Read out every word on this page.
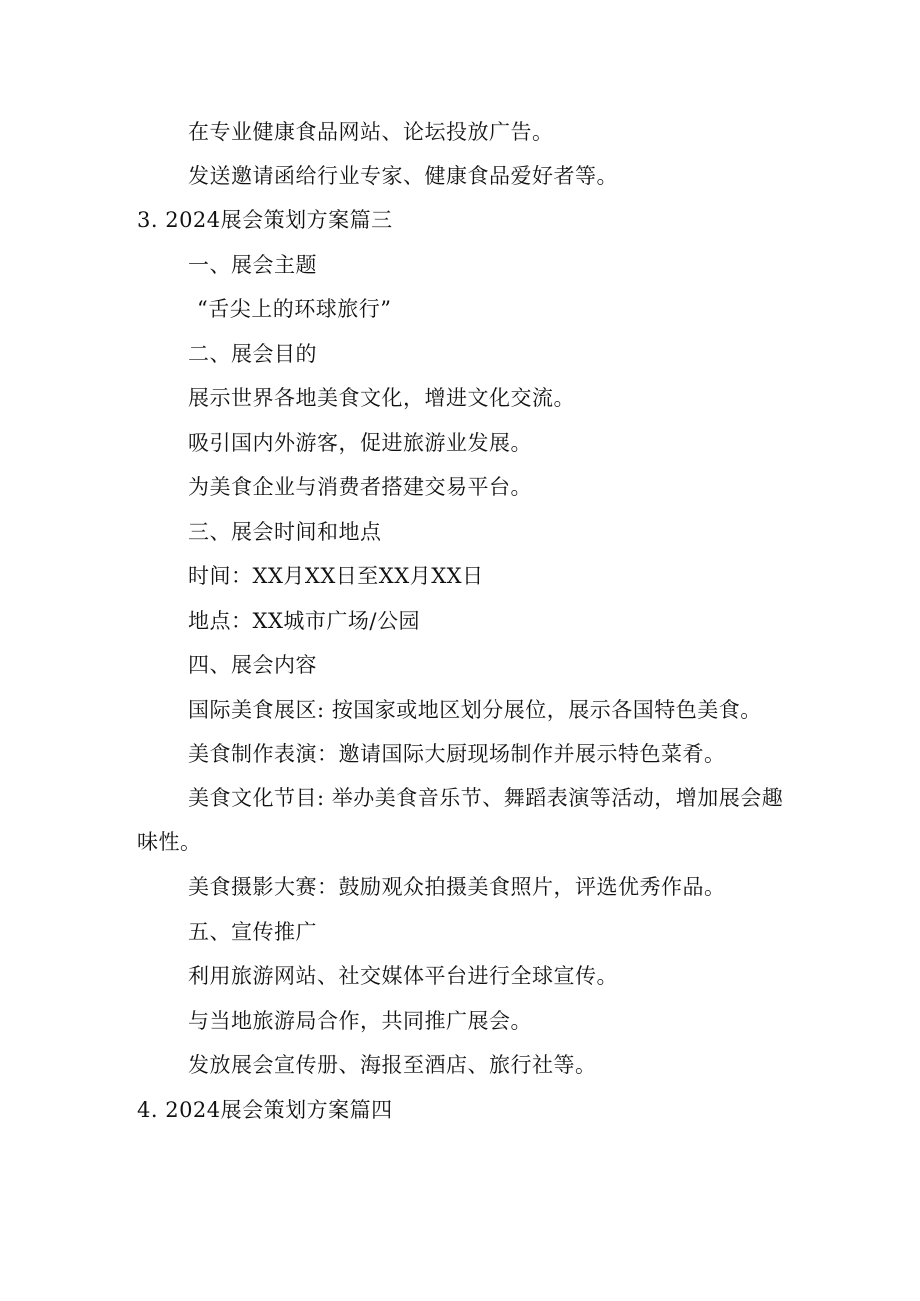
在专业健康食品网站、论坛投放广告。
发送邀请函给行业专家、健康食品爱好者等。
3. 2024展会策划方案篇三
一、展会主题
“舌尖上的环球旅行”
二、展会目的
展示世界各地美食文化，增进文化交流。
吸引国内外游客，促进旅游业发展。
为美食企业与消费者搭建交易平台。
三、展会时间和地点
时间：XX月XX日至XX月XX日
地点：XX城市广场/公园
四、展会内容
国际美食展区: 按国家或地区划分展位，展示各国特色美食。
美食制作表演：邀请国际大厨现场制作并展示特色菜肴。
美食文化节目: 举办美食音乐节、舞蹈表演等活动，增加展会趣味性。
美食摄影大赛：鼓励观众拍摄美食照片，评选优秀作品。
五、宣传推广
利用旅游网站、社交媒体平台进行全球宣传。
与当地旅游局合作，共同推广展会。
发放展会宣传册、海报至酒店、旅行社等。
4. 2024展会策划方案篇四
